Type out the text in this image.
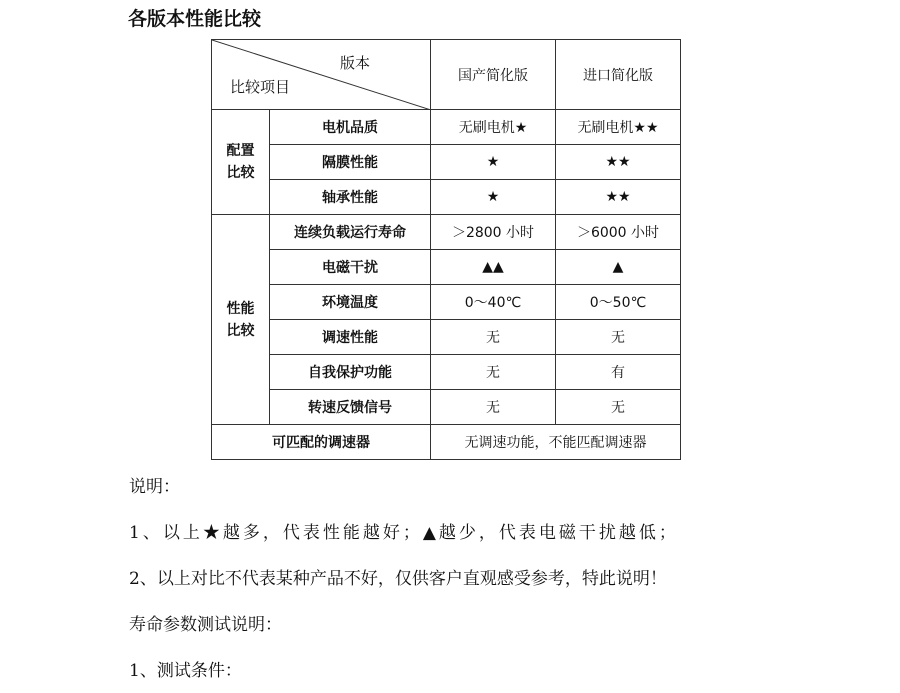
各版本性能比较
版本
比较项目		国产简化版	进口简化版
配置
比较	电机品质	无刷电机★	无刷电机★★
	隔膜性能	★	★★
	轴承性能	★	★★
性能
比较	连续负载运行寿命	＞2800 小时	＞6000 小时
	电磁干扰	▲▲	▲
	环境温度	0～40℃	0～50℃
	调速性能	无	无
	自我保护功能	无	有
	转速反馈信号	无	无
可匹配的调速器		无调速功能，不能匹配调速器	
说明：
1、以上★越多，代表性能越好；▲越少，代表电磁干扰越低；
2、以上对比不代表某种产品不好，仅供客户直观感受参考，特此说明！
寿命参数测试说明：
1、测试条件：
